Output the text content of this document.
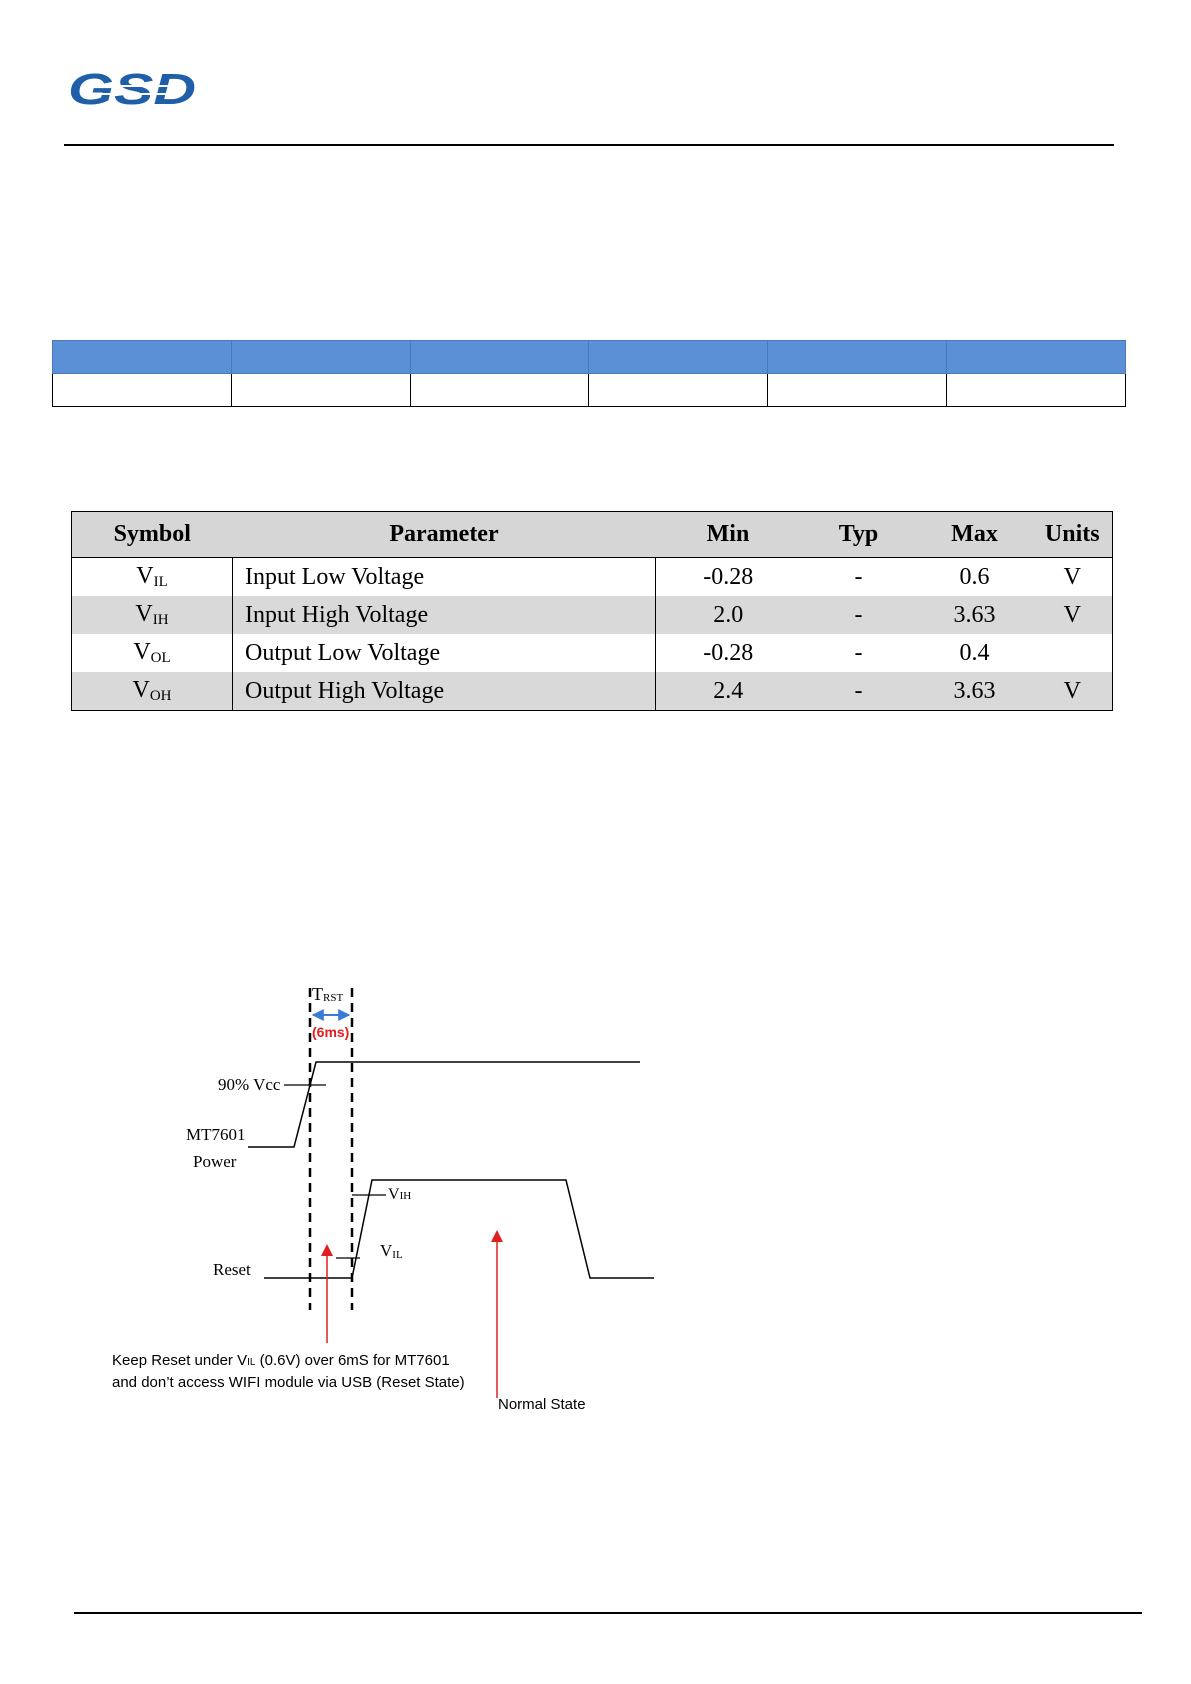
GSD

Symbol	Parameter	Min	Typ	Max	Units
$V_{IL}$	Input Low Voltage	-0.28	-	0.6	V
$V_{IH}$	Input High Voltage	2.0	-	3.63	V
$V_{OL}$	Output Low Voltage	-0.28	-	0.4	
$V_{OH}$	Output High Voltage	2.4	-	3.63	V
TRST
(6ms)
90% Vcc
MT7601
Power
VIH
VIL
Reset
Keep Reset under VIL (0.6V) over 6mS for MT7601
and don’t access WIFI module via USB (Reset State)
Normal State
